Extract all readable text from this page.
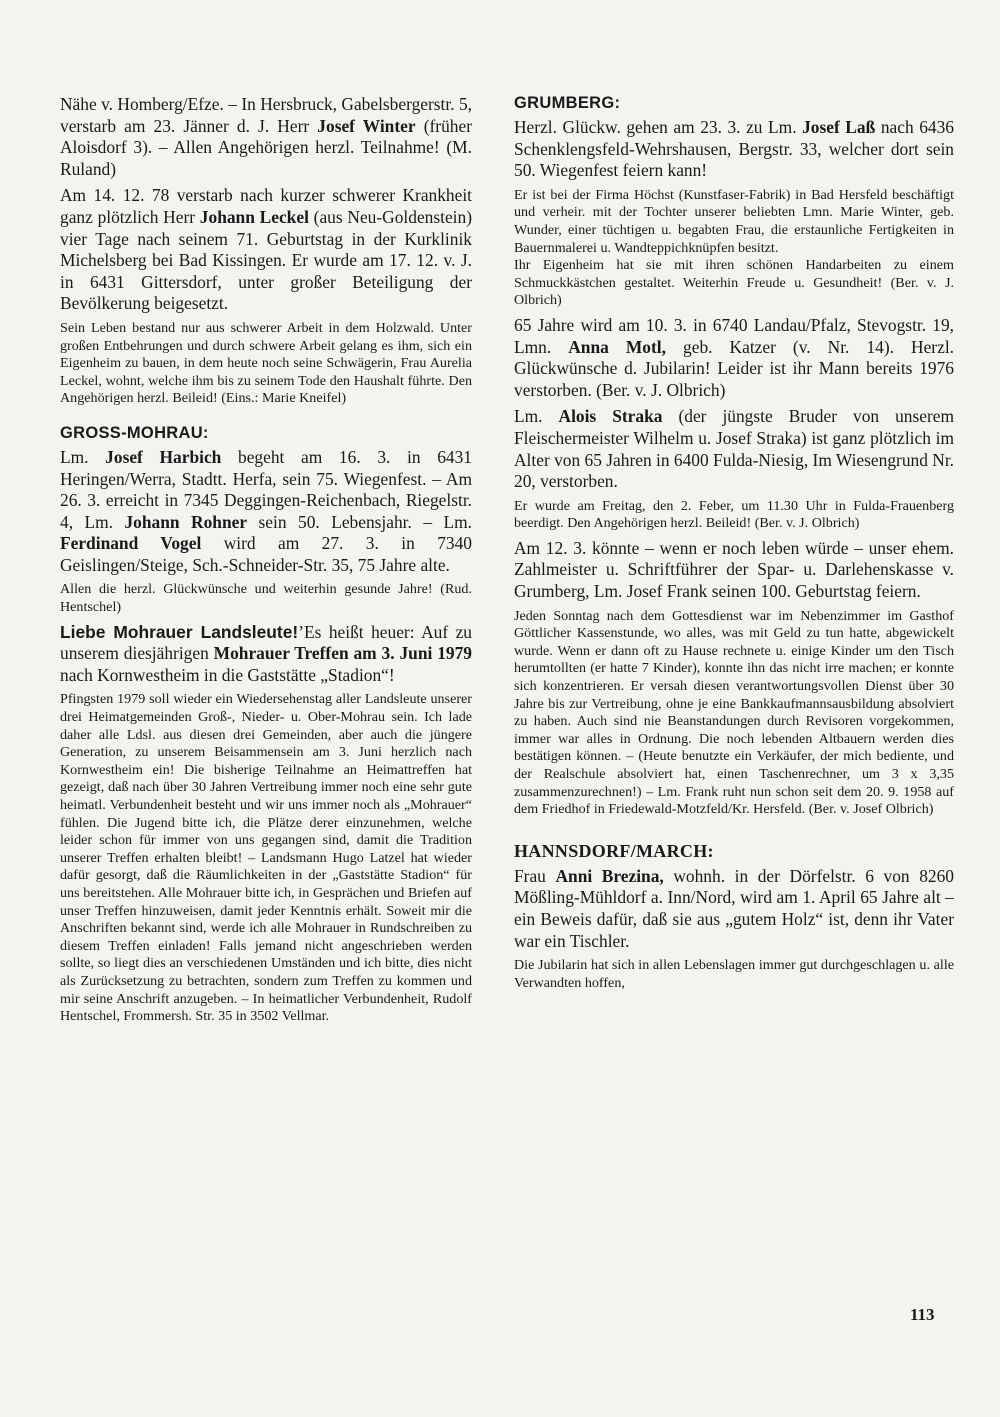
Nähe v. Homberg/Efze. – In Hersbruck, Gabelsbergerstr. 5, verstarb am 23. Jänner d. J. Herr Josef Winter (früher Aloisdorf 3). – Allen Angehörigen herzl. Teilnahme! (M. Ruland)

Am 14. 12. 78 verstarb nach kurzer schwerer Krankheit ganz plötzlich Herr Johann Leckel (aus Neu-Goldenstein) vier Tage nach seinem 71. Geburtstag in der Kurklinik Michelsberg bei Bad Kissingen. Er wurde am 17. 12. v. J. in 6431 Gittersdorf, unter großer Beteiligung der Bevölkerung beigesetzt.

Sein Leben bestand nur aus schwerer Arbeit in dem Holzwald. Unter großen Entbehrungen und durch schwere Arbeit gelang es ihm, sich ein Eigenheim zu bauen, in dem heute noch seine Schwägerin, Frau Aurelia Leckel, wohnt, welche ihm bis zu seinem Tode den Haushalt führte. Den Angehörigen herzl. Beileid! (Eins.: Marie Kneifel)

GROSS-MOHRAU:

Lm. Josef Harbich begeht am 16. 3. in 6431 Heringen/Werra, Stadtt. Herfa, sein 75. Wiegenfest. – Am 26. 3. erreicht in 7345 Deggingen-Reichenbach, Riegelstr. 4, Lm. Johann Rohner sein 50. Lebensjahr. – Lm. Ferdinand Vogel wird am 27. 3. in 7340 Geislingen/Steige, Sch.-Schneider-Str. 35, 75 Jahre alte.

Allen die herzl. Glückwünsche und weiterhin gesunde Jahre! (Rud. Hentschel)

Liebe Mohrauer Landsleute!’Es heißt heuer: Auf zu unserem diesjährigen Mohrauer Treffen am 3. Juni 1979 nach Kornwestheim in die Gaststätte „Stadion“!

Pfingsten 1979 soll wieder ein Wiedersehenstag aller Landsleute unserer drei Heimatgemeinden Groß-, Nieder- u. Ober-Mohrau sein. Ich lade daher alle Ldsl. aus diesen drei Gemeinden, aber auch die jüngere Generation, zu unserem Beisammensein am 3. Juni herzlich nach Kornwestheim ein! Die bisherige Teilnahme an Heimattreffen hat gezeigt, daß nach über 30 Jahren Vertreibung immer noch eine sehr gute heimatl. Verbundenheit besteht und wir uns immer noch als „Mohrauer“ fühlen. Die Jugend bitte ich, die Plätze derer einzunehmen, welche leider schon für immer von uns gegangen sind, damit die Tradition unserer Treffen erhalten bleibt! – Landsmann Hugo Latzel hat wieder dafür gesorgt, daß die Räumlichkeiten in der „Gaststätte Stadion“ für uns bereitstehen. Alle Mohrauer bitte ich, in Gesprächen und Briefen auf unser Treffen hinzuweisen, damit jeder Kenntnis erhält. Soweit mir die Anschriften bekannt sind, werde ich alle Mohrauer in Rundschreiben zu diesem Treffen einladen! Falls jemand nicht angeschrieben werden sollte, so liegt dies an verschiedenen Umständen und ich bitte, dies nicht als Zurücksetzung zu betrachten, sondern zum Treffen zu kommen und mir seine Anschrift anzugeben. – In heimatlicher Verbundenheit, Rudolf Hentschel, Frommersh. Str. 35 in 3502 Vellmar.

GRUMBERG:

Herzl. Glückw. gehen am 23. 3. zu Lm. Josef Laß nach 6436 Schenklengsfeld-Wehrshausen, Bergstr. 33, welcher dort sein 50. Wiegenfest feiern kann!

Er ist bei der Firma Höchst (Kunstfaser-Fabrik) in Bad Hersfeld beschäftigt und verheir. mit der Tochter unserer beliebten Lmn. Marie Winter, geb. Wunder, einer tüchtigen u. begabten Frau, die erstaunliche Fertigkeiten in Bauernmalerei u. Wandteppichknüpfen besitzt.

Ihr Eigenheim hat sie mit ihren schönen Handarbeiten zu einem Schmuckkästchen gestaltet. Weiterhin Freude u. Gesundheit! (Ber. v. J. Olbrich)

65 Jahre wird am 10. 3. in 6740 Landau/Pfalz, Stevogstr. 19, Lmn. Anna Motl, geb. Katzer (v. Nr. 14). Herzl. Glückwünsche d. Jubilarin! Leider ist ihr Mann bereits 1976 verstorben. (Ber. v. J. Olbrich)

Lm. Alois Straka (der jüngste Bruder von unserem Fleischermeister Wilhelm u. Josef Straka) ist ganz plötzlich im Alter von 65 Jahren in 6400 Fulda-Niesig, Im Wiesengrund Nr. 20, verstorben.

Er wurde am Freitag, den 2. Feber, um 11.30 Uhr in Fulda-Frauenberg beerdigt. Den Angehörigen herzl. Beileid! (Ber. v. J. Olbrich)

Am 12. 3. könnte – wenn er noch leben würde – unser ehem. Zahlmeister u. Schriftführer der Spar- u. Darlehenskasse v. Grumberg, Lm. Josef Frank seinen 100. Geburtstag feiern.

Jeden Sonntag nach dem Gottesdienst war im Nebenzimmer im Gasthof Göttlicher Kassenstunde, wo alles, was mit Geld zu tun hatte, abgewickelt wurde. Wenn er dann oft zu Hause rechnete u. einige Kinder um den Tisch herumtollten (er hatte 7 Kinder), konnte ihn das nicht irre machen; er konnte sich konzentrieren. Er versah diesen verantwortungsvollen Dienst über 30 Jahre bis zur Vertreibung, ohne je eine Bankkaufmannsausbildung absolviert zu haben. Auch sind nie Beanstandungen durch Revisoren vorgekommen, immer war alles in Ordnung. Die noch lebenden Altbauern werden dies bestätigen können. – (Heute benutzte ein Verkäufer, der mich bediente, und der Realschule absolviert hat, einen Taschenrechner, um 3 x 3,35 zusammenzurechnen!) – Lm. Frank ruht nun schon seit dem 20. 9. 1958 auf dem Friedhof in Friedewald-Motzfeld/Kr. Hersfeld. (Ber. v. Josef Olbrich)

HANNSDORF/MARCH:

Frau Anni Brezina, wohnh. in der Dörfelstr. 6 von 8260 Mößling-Mühldorf a. Inn/Nord, wird am 1. April 65 Jahre alt – ein Beweis dafür, daß sie aus „gutem Holz“ ist, denn ihr Vater war ein Tischler.

Die Jubilarin hat sich in allen Lebenslagen immer gut durchgeschlagen u. alle Verwandten hoffen,

113
